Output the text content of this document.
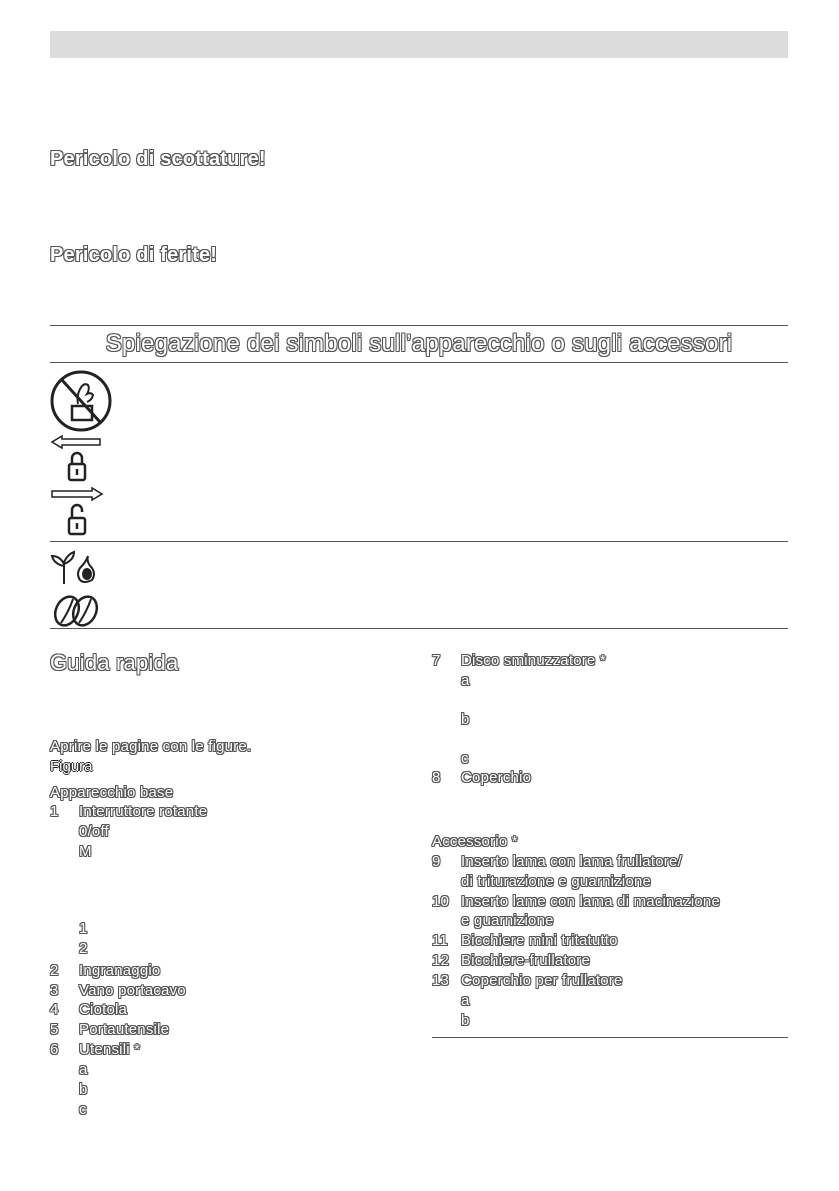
Pericolo di scottature!
Pericolo di ferite!
Spiegazione dei simboli sull’apparecchio o sugli accessori
Guida rapida
Aprire le pagine con le figure.
Figura
Apparecchio base
1	Interruttore rotante
0/off
M
1
2
2	Ingranaggio
3	Vano portacavo
4	Ciotola
5	Portautensile
6	Utensili *
a
b
c
7	Disco sminuzzatore *
a
b
c
8	Coperchio
Accessorio *
9	Inserto lama con lama frullatore/
di triturazione e guarnizione
10 Inserto lame con lama di macinazione
e guarnizione
11 Bicchiere mini tritatutto
12 Bicchiere-frullatore
13 Coperchio per frullatore
a
b
